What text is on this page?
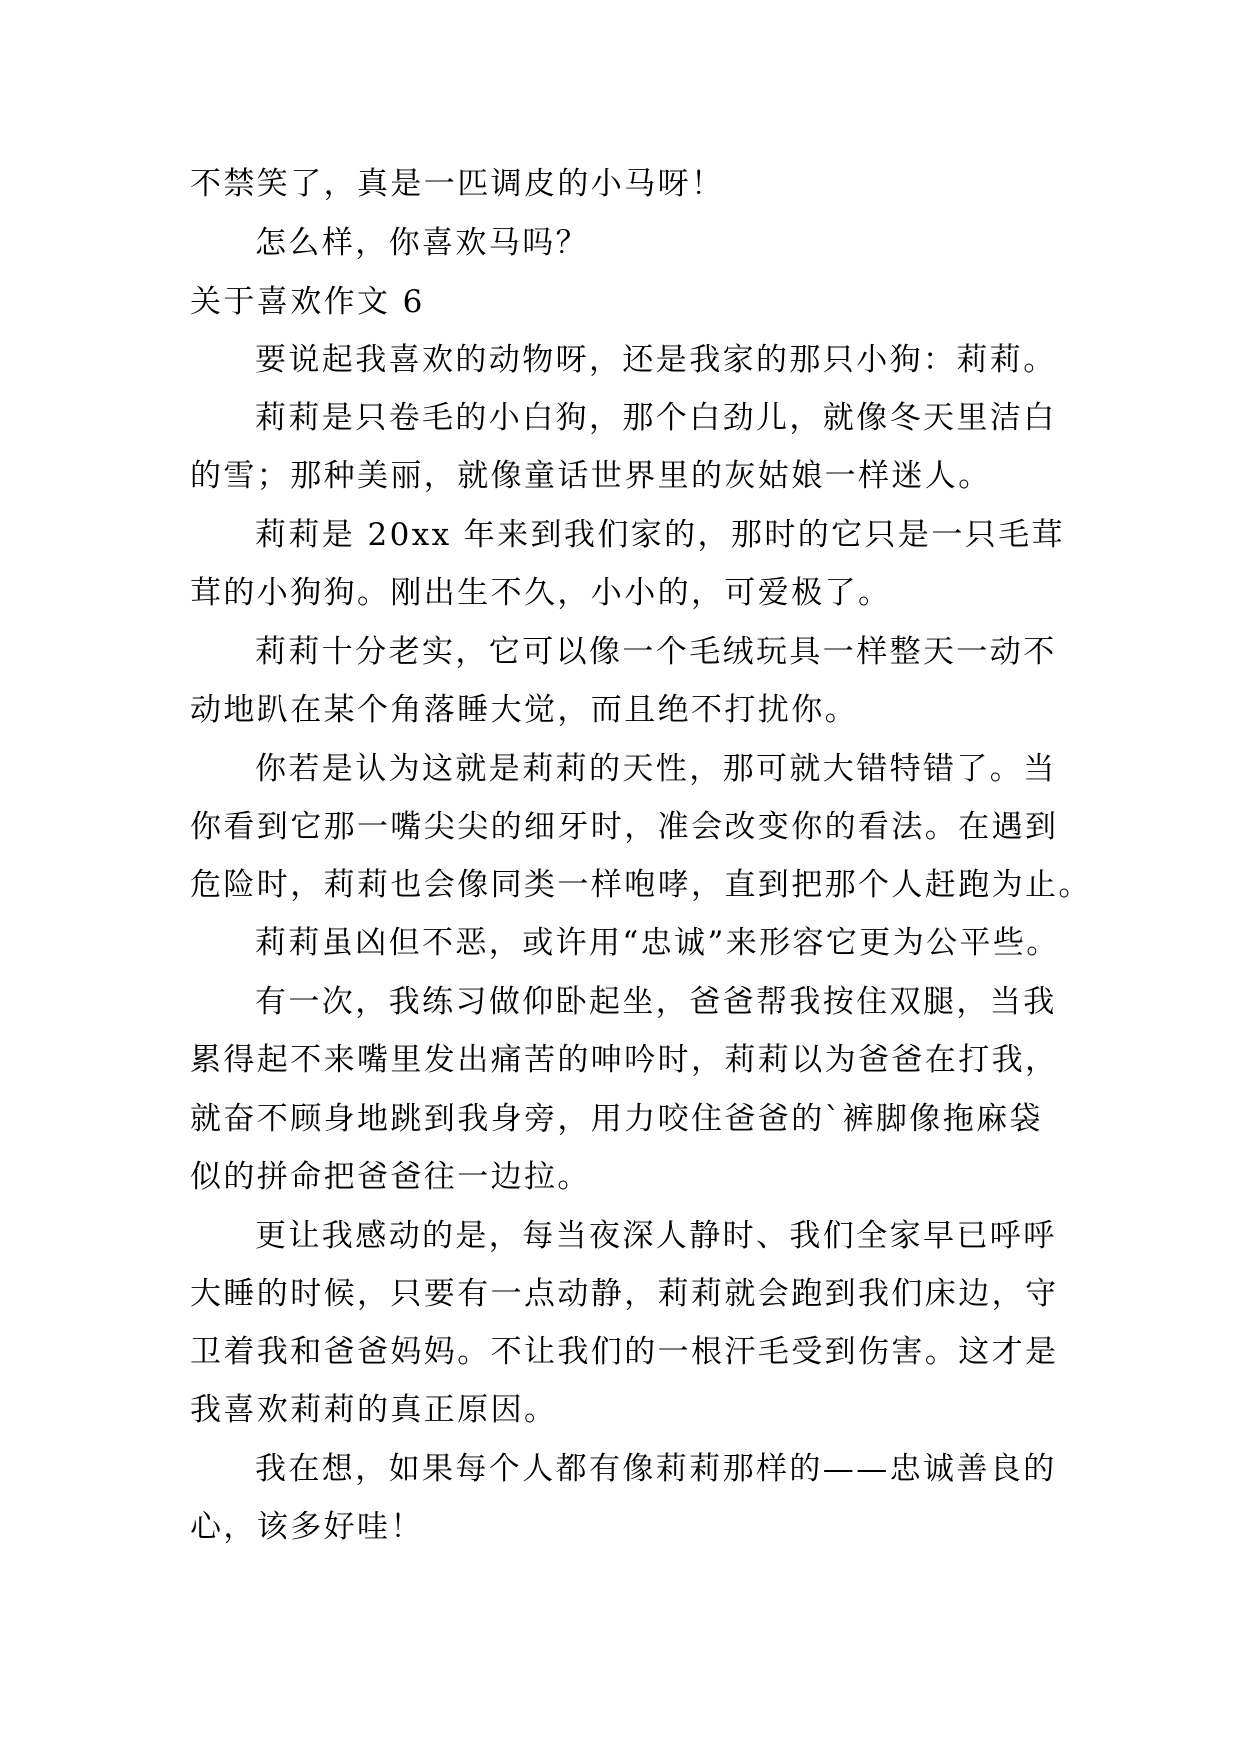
不禁笑了，真是一匹调皮的小马呀！
怎么样，你喜欢马吗？
关于喜欢作文 6
要说起我喜欢的动物呀，还是我家的那只小狗：莉莉。
莉莉是只卷毛的小白狗，那个白劲儿，就像冬天里洁白
的雪；那种美丽，就像童话世界里的灰姑娘一样迷人。
莉莉是 20xx 年来到我们家的，那时的它只是一只毛茸
茸的小狗狗。刚出生不久，小小的，可爱极了。
莉莉十分老实，它可以像一个毛绒玩具一样整天一动不
动地趴在某个角落睡大觉，而且绝不打扰你。
你若是认为这就是莉莉的天性，那可就大错特错了。当
你看到它那一嘴尖尖的细牙时，准会改变你的看法。在遇到
危险时，莉莉也会像同类一样咆哮，直到把那个人赶跑为止。
莉莉虽凶但不恶，或许用“忠诚”来形容它更为公平些。
有一次，我练习做仰卧起坐，爸爸帮我按住双腿，当我
累得起不来嘴里发出痛苦的呻吟时，莉莉以为爸爸在打我，
就奋不顾身地跳到我身旁，用力咬住爸爸的`裤脚像拖麻袋
似的拼命把爸爸往一边拉。
更让我感动的是，每当夜深人静时、我们全家早已呼呼
大睡的时候，只要有一点动静，莉莉就会跑到我们床边，守
卫着我和爸爸妈妈。不让我们的一根汗毛受到伤害。这才是
我喜欢莉莉的真正原因。
我在想，如果每个人都有像莉莉那样的——忠诚善良的
心，该多好哇！
